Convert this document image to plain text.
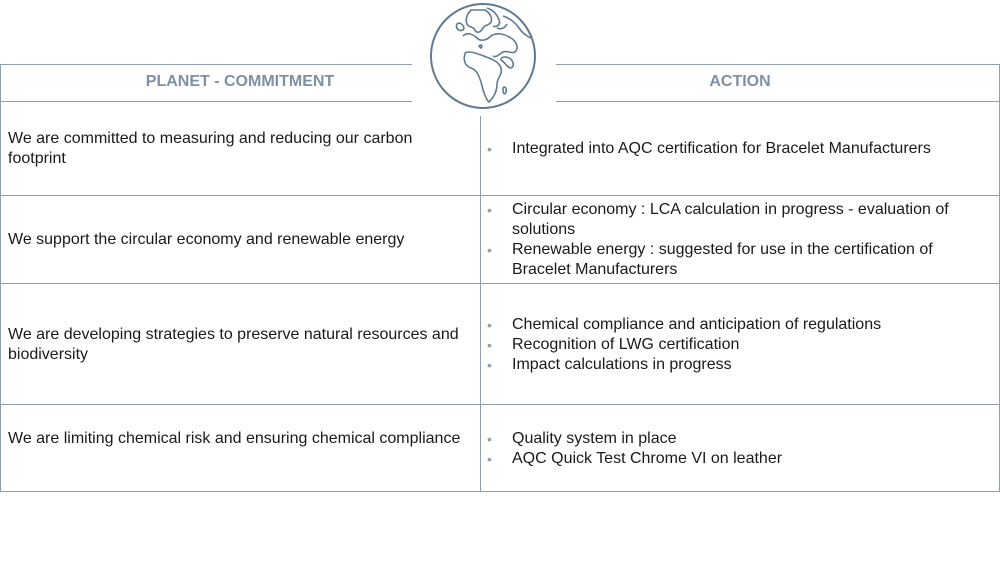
PLANET - COMMITMENT	ACTION
We are committed to measuring and reducing our carbon footprint
• Integrated into AQC certification for Bracelet Manufacturers
We support the circular economy and renewable energy
• Circular economy : LCA calculation in progress - evaluation of solutions
• Renewable energy : suggested for use in the certification of Bracelet Manufacturers
We are developing strategies to preserve natural resources and biodiversity
• Chemical compliance and anticipation of regulations
• Recognition of LWG certification
• Impact calculations in progress
We are limiting chemical risk and ensuring chemical compliance	• Quality system in place
• AQC Quick Test Chrome VI on leather
